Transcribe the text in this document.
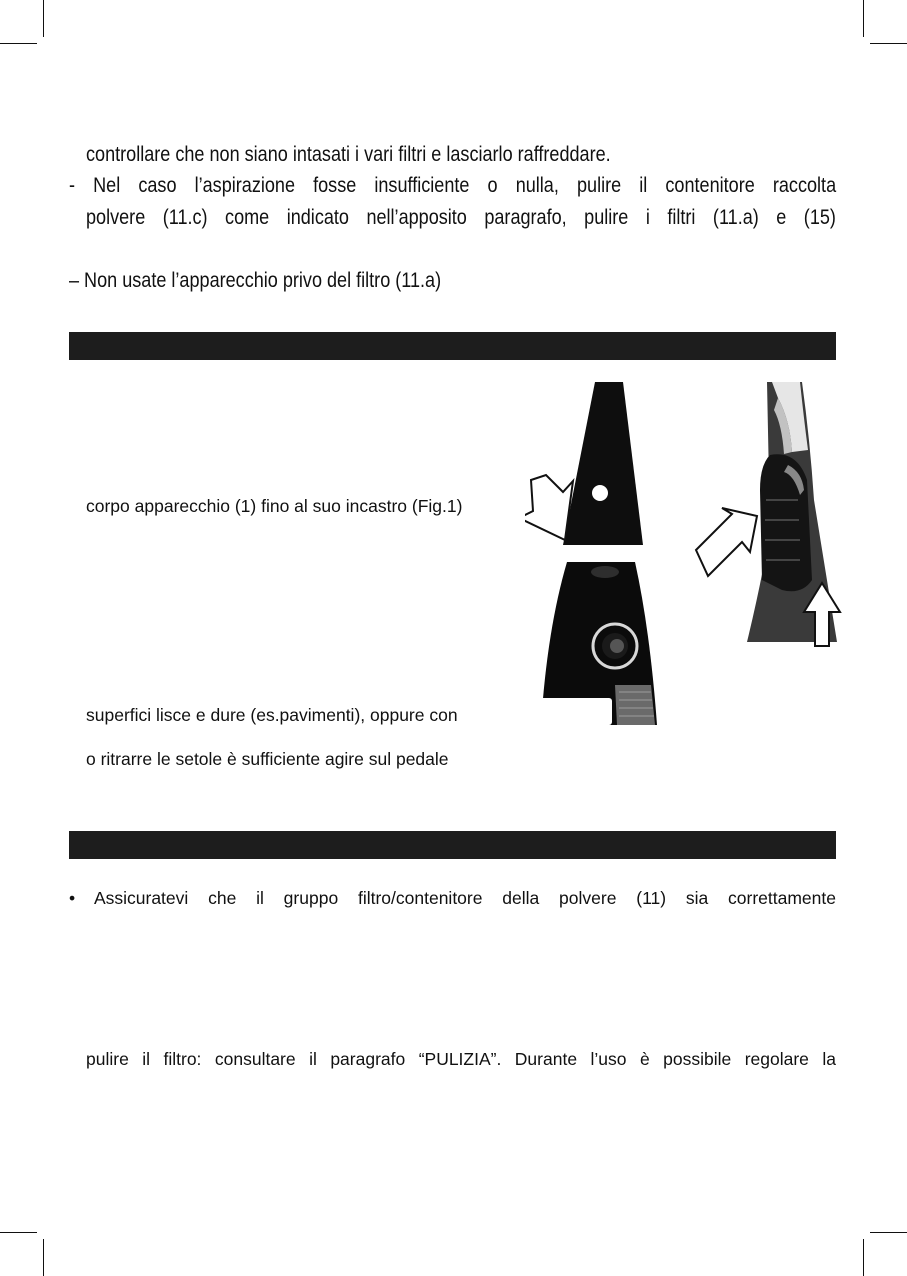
controllare che non siano intasati i vari filtri e lasciarlo raffreddare.
- Nel caso l’aspirazione fosse insufficiente o nulla, pulire il contenitore raccolta
polvere (11.c) come indicato nell’apposito paragrafo, pulire i filtri (11.a) e (15)
– Non usate l’apparecchio privo del filtro (11.a)
corpo apparecchio (1) fino al suo incastro (Fig.1)
superfici lisce e dure (es.pavimenti), oppure con
o ritrarre le setole è sufficiente agire sul pedale
• Assicuratevi che il gruppo filtro/contenitore della polvere (11) sia correttamente
pulire il filtro: consultare il paragrafo “PULIZIA”. Durante l’uso è possibile regolare la
